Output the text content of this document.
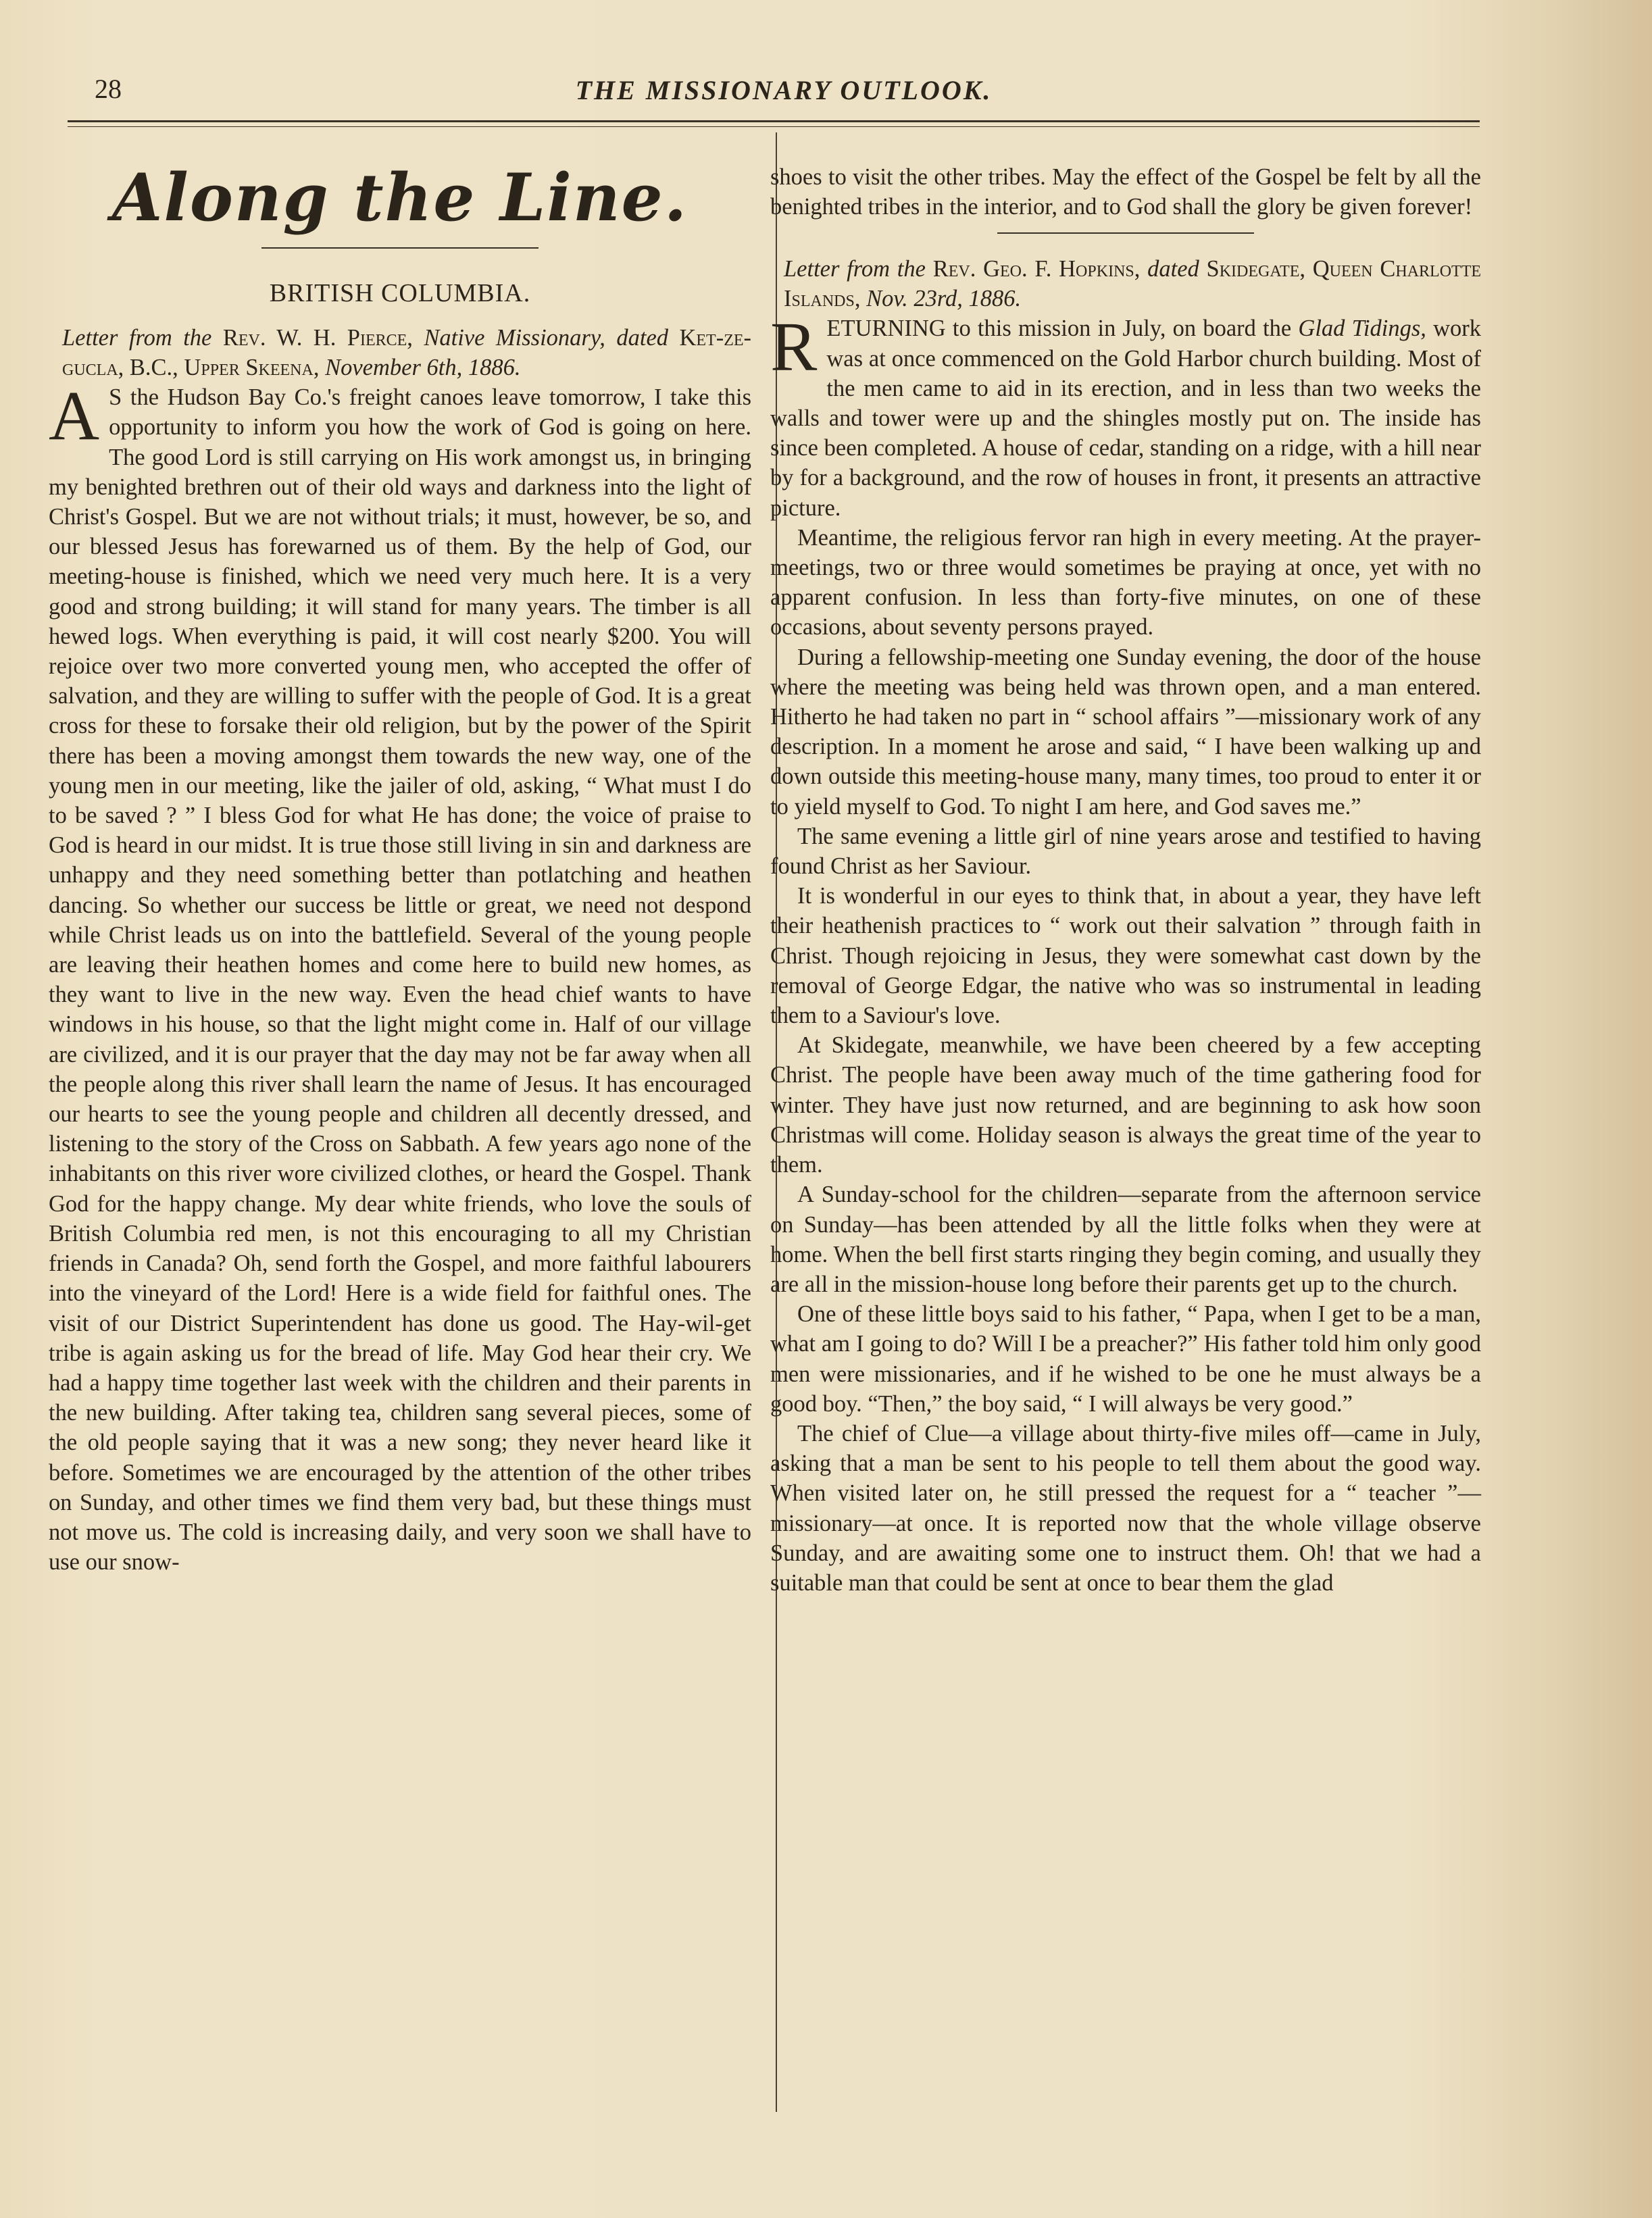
28	THE MISSIONARY OUTLOOK.
Along the Line.
BRITISH COLUMBIA.

Letter from the Rev. W. H. Pierce, Native Missionary, dated Ket-ze-gucla, B.C., Upper Skeena, November 6th, 1886.

A S the Hudson Bay Co.'s freight canoes leave tomorrow, I take this opportunity to inform you how the work of God is going on here. The good Lord is still carrying on His work amongst us, in bringing my benighted brethren out of their old ways and darkness into the light of Christ's Gospel. But we are not without trials; it must, however, be so, and our blessed Jesus has forewarned us of them. By the help of God, our meeting-house is finished, which we need very much here. It is a very good and strong building; it will stand for many years. The timber is all hewed logs. When everything is paid, it will cost nearly $200. You will rejoice over two more converted young men, who accepted the offer of salvation, and they are willing to suffer with the people of God. It is a great cross for these to forsake their old religion, but by the power of the Spirit there has been a moving amongst them towards the new way, one of the young men in our meeting, like the jailer of old, asking, “ What must I do to be saved ? ” I bless God for what He has done; the voice of praise to God is heard in our midst. It is true those still living in sin and darkness are unhappy and they need something better than potlatching and heathen dancing. So whether our success be little or great, we need not despond while Christ leads us on into the battlefield. Several of the young people are leaving their heathen homes and come here to build new homes, as they want to live in the new way. Even the head chief wants to have windows in his house, so that the light might come in. Half of our village are civilized, and it is our prayer that the day may not be far away when all the people along this river shall learn the name of Jesus. It has encouraged our hearts to see the young people and children all decently dressed, and listening to the story of the Cross on Sabbath. A few years ago none of the inhabitants on this river wore civilized clothes, or heard the Gospel. Thank God for the happy change. My dear white friends, who love the souls of British Columbia red men, is not this encouraging to all my Christian friends in Canada? Oh, send forth the Gospel, and more faithful labourers into the vineyard of the Lord! Here is a wide field for faithful ones. The visit of our District Superintendent has done us good. The Hay-wil-get tribe is again asking us for the bread of life. May God hear their cry. We had a happy time together last week with the children and their parents in the new building. After taking tea, children sang several pieces, some of the old people saying that it was a new song; they never heard like it before. Sometimes we are encouraged by the attention of the other tribes on Sunday, and other times we find them very bad, but these things must not move us. The cold is increasing daily, and very soon we shall have to use our snow-

shoes to visit the other tribes. May the effect of the Gospel be felt by all the benighted tribes in the interior, and to God shall the glory be given forever!

Letter from the Rev. Geo. F. Hopkins, dated Skidegate, Queen Charlotte Islands, Nov. 23rd, 1886.

RETURNING to this mission in July, on board the Glad Tidings, work was at once commenced on the Gold Harbor church building. Most of the men came to aid in its erection, and in less than two weeks the walls and tower were up and the shingles mostly put on. The inside has since been completed. A house of cedar, standing on a ridge, with a hill near by for a background, and the row of houses in front, it presents an attractive picture.

Meantime, the religious fervor ran high in every meeting. At the prayer-meetings, two or three would sometimes be praying at once, yet with no apparent confusion. In less than forty-five minutes, on one of these occasions, about seventy persons prayed.

During a fellowship-meeting one Sunday evening, the door of the house where the meeting was being held was thrown open, and a man entered. Hitherto he had taken no part in “ school affairs ”—missionary work of any description. In a moment he arose and said, “ I have been walking up and down outside this meeting-house many, many times, too proud to enter it or to yield myself to God. To night I am here, and God saves me.”

The same evening a little girl of nine years arose and testified to having found Christ as her Saviour.

It is wonderful in our eyes to think that, in about a year, they have left their heathenish practices to “ work out their salvation ” through faith in Christ. Though rejoicing in Jesus, they were somewhat cast down by the removal of George Edgar, the native who was so instrumental in leading them to a Saviour's love.

At Skidegate, meanwhile, we have been cheered by a few accepting Christ. The people have been away much of the time gathering food for winter. They have just now returned, and are beginning to ask how soon Christmas will come. Holiday season is always the great time of the year to them.

A Sunday-school for the children—separate from the afternoon service on Sunday—has been attended by all the little folks when they were at home. When the bell first starts ringing they begin coming, and usually they are all in the mission-house long before their parents get up to the church.

One of these little boys said to his father, “ Papa, when I get to be a man, what am I going to do? Will I be a preacher?” His father told him only good men were missionaries, and if he wished to be one he must always be a good boy. “Then,” the boy said, “ I will always be very good.”

The chief of Clue—a village about thirty-five miles off—came in July, asking that a man be sent to his people to tell them about the good way. When visited later on, he still pressed the request for a “ teacher ”—missionary—at once. It is reported now that the whole village observe Sunday, and are awaiting some one to instruct them. Oh! that we had a suitable man that could be sent at once to bear them the glad
